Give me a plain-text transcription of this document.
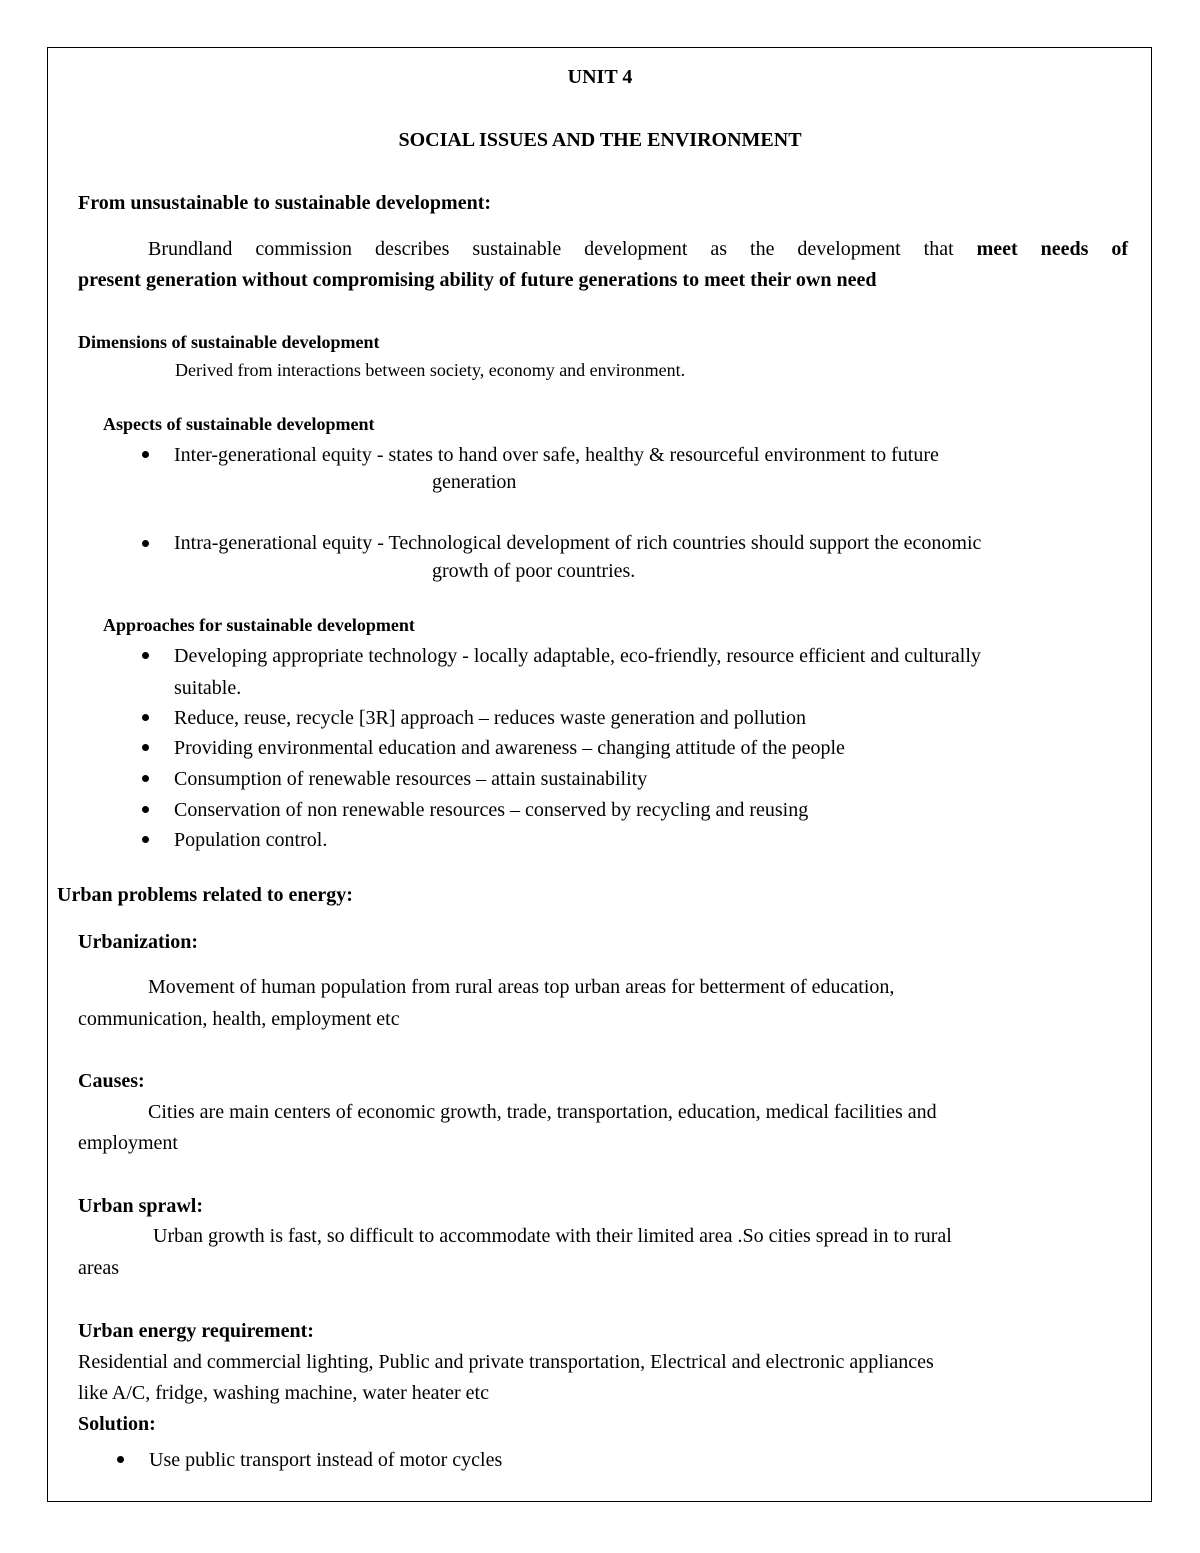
UNIT 4
SOCIAL ISSUES AND THE ENVIRONMENT
From unsustainable to sustainable development:
Brundland commission describes sustainable development as the development that meet needs of
present generation without compromising ability of future generations to meet their own need
Dimensions of sustainable development
Derived from interactions between society, economy and environment.
Aspects of sustainable development
Inter-generational equity - states to hand over safe, healthy & resourceful environment to future
generation
Intra-generational equity - Technological development of rich countries should support the economic
growth of poor countries.
Approaches for sustainable development
Developing appropriate technology - locally adaptable, eco-friendly, resource efficient and culturally
suitable.
Reduce, reuse, recycle [3R] approach – reduces waste generation and pollution
Providing environmental education and awareness – changing attitude of the people
Consumption of renewable resources – attain sustainability
Conservation of non renewable resources – conserved by recycling and reusing
Population control.
Urban problems related to energy:
Urbanization:
Movement of human population from rural areas top urban areas for betterment of education,
communication, health, employment etc
Causes:
Cities are main centers of economic growth, trade, transportation, education, medical facilities and
employment
Urban sprawl:
Urban growth is fast, so difficult to accommodate with their limited area .So cities spread in to rural
areas
Urban energy requirement:
Residential and commercial lighting, Public and private transportation, Electrical and electronic appliances
like A/C, fridge, washing machine, water heater etc
Solution:
Use public transport instead of motor cycles
